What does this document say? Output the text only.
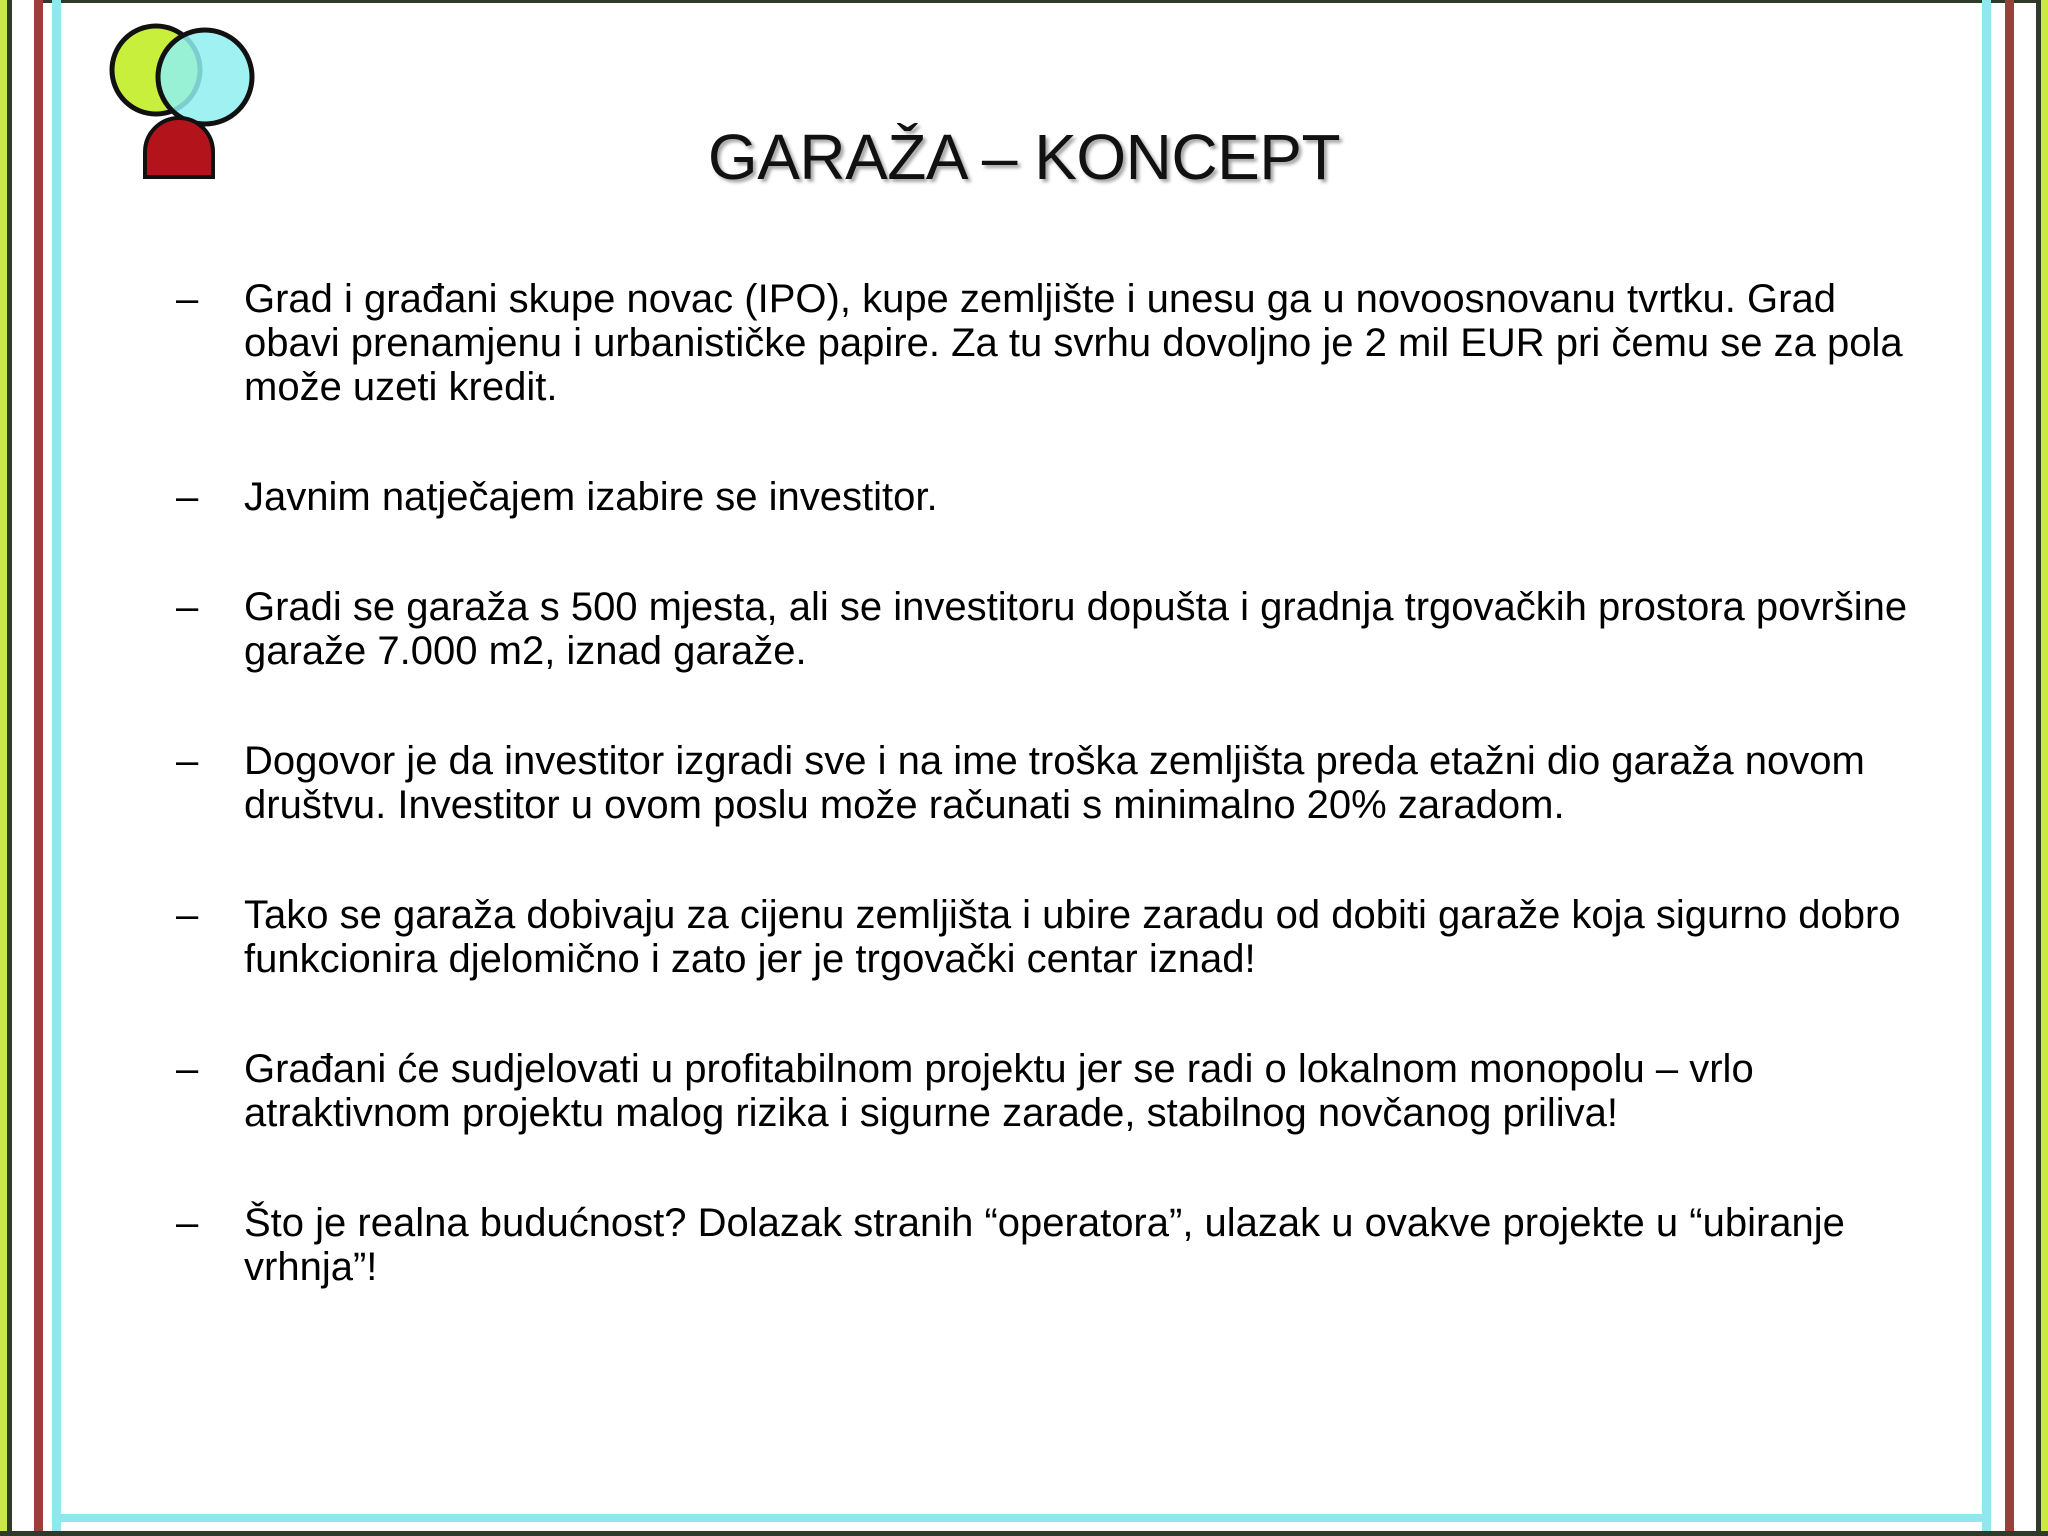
GARAŽA – KONCEPT
–	Grad i građani skupe novac (IPO), kupe zemljište i unesu ga u novoosnovanu tvrtku. Grad obavi prenamjenu i urbanističke papire. Za tu svrhu dovoljno je 2 mil EUR pri čemu se za pola može uzeti kredit.
–	Javnim natječajem izabire se investitor.
–	Gradi se garaža s 500 mjesta, ali se investitoru dopušta i gradnja trgovačkih prostora površine garaže 7.000 m2, iznad garaže.
–	Dogovor je da investitor izgradi sve i na ime troška zemljišta preda etažni dio garaža novom društvu. Investitor u ovom poslu može računati s minimalno 20% zaradom.
–	Tako se garaža dobivaju za cijenu zemljišta i ubire zaradu od dobiti garaže koja sigurno dobro funkcionira djelomično i zato jer je trgovački centar iznad!
–	Građani će sudjelovati u profitabilnom projektu jer se radi o lokalnom monopolu – vrlo atraktivnom projektu malog rizika i sigurne zarade, stabilnog novčanog priliva!
–	Što je realna budućnost? Dolazak stranih “operatora”, ulazak u ovakve projekte u “ubiranje vrhnja”!
